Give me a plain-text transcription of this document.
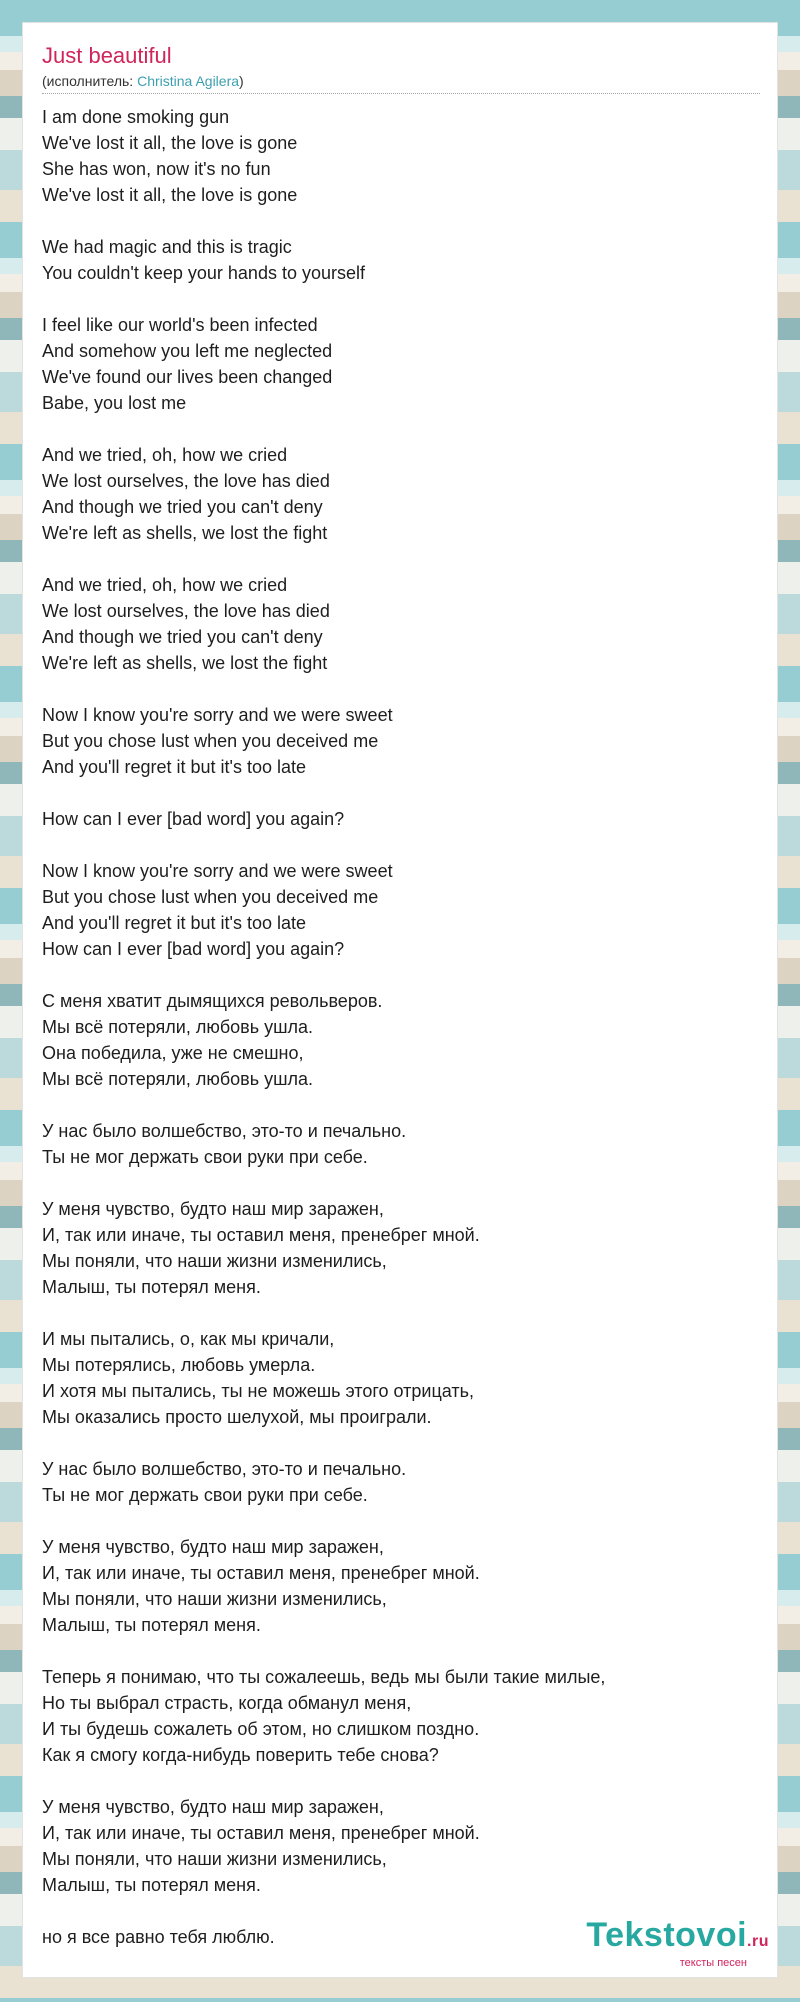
Just beautiful
(исполнитель: Christina Agilera)
I am done smoking gun
We've lost it all, the love is gone
She has won, now it's no fun
We've lost it all, the love is gone
We had magic and this is tragic
You couldn't keep your hands to yourself
I feel like our world's been infected
And somehow you left me neglected
We've found our lives been changed
Babe, you lost me
And we tried, oh, how we cried
We lost ourselves, the love has died
And though we tried you can't deny
We're left as shells, we lost the fight
And we tried, oh, how we cried
We lost ourselves, the love has died
And though we tried you can't deny
We're left as shells, we lost the fight
Now I know you're sorry and we were sweet
But you chose lust when you deceived me
And you'll regret it but it's too late
How can I ever [bad word] you again?
Now I know you're sorry and we were sweet
But you chose lust when you deceived me
And you'll regret it but it's too late
How can I ever [bad word] you again?
С меня хватит дымящихся револьверов.
Мы всё потеряли, любовь ушла.
Она победила, уже не смешно,
Мы всё потеряли, любовь ушла.
У нас было волшебство, это-то и печально.
Ты не мог держать свои руки при себе.
У меня чувство, будто наш мир заражен,
И, так или иначе, ты оставил меня, пренебрег мной.
Мы поняли, что наши жизни изменились,
Малыш, ты потерял меня.
И мы пытались, о, как мы кричали,
Мы потерялись, любовь умерла.
И хотя мы пытались, ты не можешь этого отрицать,
Мы оказались просто шелухой, мы проиграли.
У нас было волшебство, это-то и печально.
Ты не мог держать свои руки при себе.
У меня чувство, будто наш мир заражен,
И, так или иначе, ты оставил меня, пренебрег мной.
Мы поняли, что наши жизни изменились,
Малыш, ты потерял меня.
Теперь я понимаю, что ты сожалеешь, ведь мы были такие милые,
Но ты выбрал страсть, когда обманул меня,
И ты будешь сожалеть об этом, но слишком поздно.
Как я смогу когда-нибудь поверить тебе снова?
У меня чувство, будто наш мир заражен,
И, так или иначе, ты оставил меня, пренебрег мной.
Мы поняли, что наши жизни изменились,
Малыш, ты потерял меня.
но я все равно тебя люблю.	Tekstovoi.ru
тексты песен
